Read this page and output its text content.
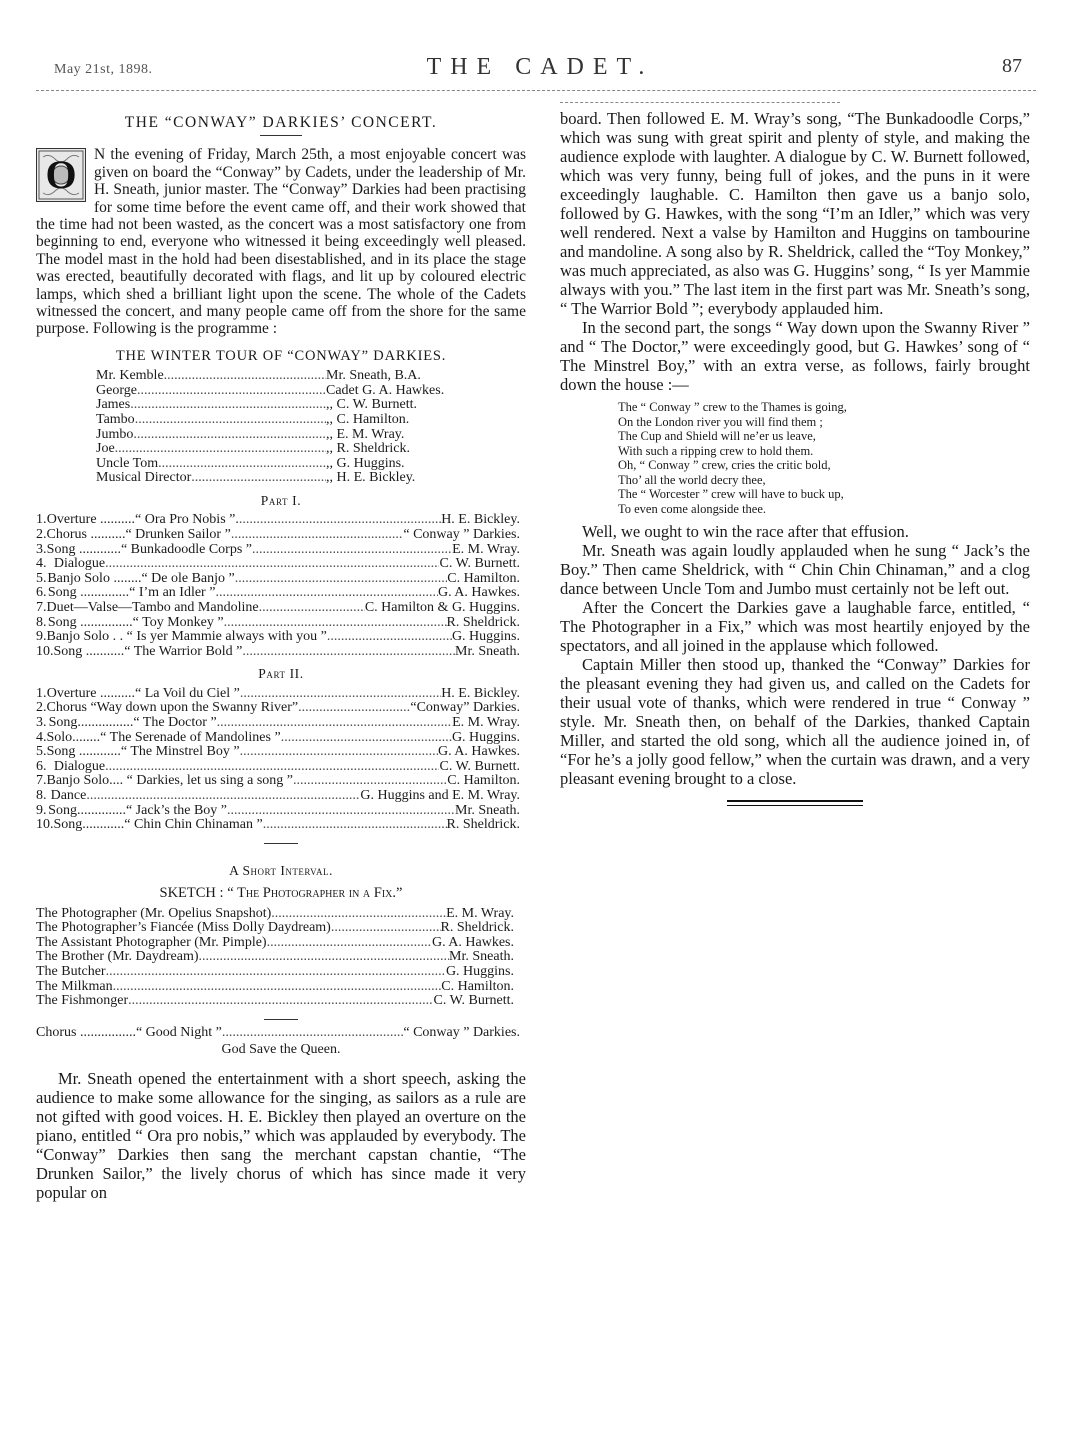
May 21st, 1898.	THE CADET.	87
THE “CONWAY” DARKIES’ CONCERT.
O	N the evening of Friday, March 25th, a most enjoyable concert was given on board the “Conway” by Cadets, under the leadership of Mr. H. Sneath, junior master. The “Conway” Darkies had been practising for some time before the event came off, and their work showed that the time had not been wasted, as the concert was a most satisfactory one from beginning to end, everyone who witnessed it being exceedingly well pleased. The model mast in the hold had been disestablished, and in its place the stage was erected, beautifully decorated with flags, and lit up by coloured electric lamps, which shed a brilliant light upon the scene. The whole of the Cadets witnessed the concert, and many people came off from the shore for the same purpose. Following is the programme :

THE WINTER TOUR OF “CONWAY” DARKIES.
Mr. Kemble .....	Mr. Sneath, B.A.
George .....	Cadet G. A. Hawkes.
James .....	,, C. W. Burnett.
Tambo .....	,, C. Hamilton.
Jumbo .....	,, E. M. Wray.
Joe .....	,, R. Sheldrick.
Uncle Tom .....	,, G. Huggins.
Musical Director .....	,, H. E. Bickley.
Part I.
1. Overture ..........“ Ora Pro Nobis ”. .....	H. E. Bickley.
2. Chorus ..........“ Drunken Sailor ” .....	“ Conway ” Darkies.
3. Song ............“ Bunkadoodle Corps ” .....	E. M. Wray.
4. Dialogue .....	C. W. Burnett.
5. Banjo Solo ........“ De ole Banjo ” .....	C. Hamilton.
6. Song ..............“ I’m an Idler ” .....	G. A. Hawkes.
7. Duet—Valse—Tambo and Mandoline .....	C. Hamilton & G. Huggins.
8. Song ...............“ Toy Monkey ” .....	R. Sheldrick.
9. Banjo Solo . . “ Is yer Mammie always with you ” .....	G. Huggins.
10. Song ...........“ The Warrior Bold ” .....	Mr. Sneath.
Part II.
1. Overture ..........“ La Voil du Ciel ” .....	H. E. Bickley.
2. Chorus “Way down upon the Swanny River” .....	“Conway” Darkies.
3. Song................“ The Doctor ” .....	E. M. Wray.
4. Solo........“ The Serenade of Mandolines ” .....	G. Huggins.
5. Song ............“ The Minstrel Boy ” .....	G. A. Hawkes.
6. Dialogue .....	C. W. Burnett.
7. Banjo Solo.... “ Darkies, let us sing a song ” .....	C. Hamilton.
8. Dance .....	G. Huggins and E. M. Wray.
9. Song..............“ Jack’s the Boy ” .....	Mr. Sneath.
10. Song............“ Chin Chin Chinaman ” .....	R. Sheldrick.
A Short Interval.
SKETCH : “ The Photographer in a Fix.”
The Photographer (Mr. Opelius Snapshot) .....	E. M. Wray.
The Photographer’s Fiancée (Miss Dolly Daydream) .....	R. Sheldrick.
The Assistant Photographer (Mr. Pimple) .....	G. A. Hawkes.
The Brother (Mr. Daydream) .....	Mr. Sneath.
The Butcher .....	G. Huggins.
The Milkman .....	C. Hamilton.
The Fishmonger .....	C. W. Burnett.
Chorus ................“ Good Night ” .....	“ Conway ” Darkies.
God Save the Queen.

Mr. Sneath opened the entertainment with a short speech, asking the audience to make some allowance for the singing, as sailors as a rule are not gifted with good voices. H. E. Bickley then played an overture on the piano, entitled “ Ora pro nobis,” which was applauded by everybody. The “Conway” Darkies then sang the merchant capstan chantie, “The Drunken Sailor,” the lively chorus of which has since made it very popular on

board. Then followed E. M. Wray’s song, “The Bunkadoodle Corps,” which was sung with great spirit and plenty of style, and making the audience explode with laughter. A dialogue by C. W. Burnett followed, which was very funny, being full of jokes, and the puns in it were exceedingly laughable. C. Hamilton then gave us a banjo solo, followed by G. Hawkes, with the song “I’m an Idler,” which was very well rendered. Next a valse by Hamilton and Huggins on tambourine and mandoline. A song also by R. Sheldrick, called the “Toy Monkey,” was much appreciated, as also was G. Huggins’ song, “ Is yer Mammie always with you.” The last item in the first part was Mr. Sneath’s song, “ The Warrior Bold ”; everybody applauded him.

In the second part, the songs “ Way down upon the Swanny River ” and “ The Doctor,” were exceedingly good, but G. Hawkes’ song of “ The Minstrel Boy,” with an extra verse, as follows, fairly brought down the house :—

The “ Conway ” crew to the Thames is going,
On the London river you will find them ;
The Cup and Shield will ne’er us leave,
With such a ripping crew to hold them.
Oh, “ Conway ” crew, cries the critic bold,
Tho’ all the world decry thee,
The “ Worcester ” crew will have to buck up,
To even come alongside thee.

Well, we ought to win the race after that effusion.

Mr. Sneath was again loudly applauded when he sung “ Jack’s the Boy.” Then came Sheldrick, with “ Chin Chin Chinaman,” and a clog dance between Uncle Tom and Jumbo must certainly not be left out.

After the Concert the Darkies gave a laughable farce, entitled, “ The Photographer in a Fix,” which was most heartily enjoyed by the spectators, and all joined in the applause which followed.

Captain Miller then stood up, thanked the “Conway” Darkies for the pleasant evening they had given us, and called on the Cadets for their usual vote of thanks, which were rendered in true “ Conway ” style. Mr. Sneath then, on behalf of the Darkies, thanked Captain Miller, and started the old song, which all the audience joined in, of “For he’s a jolly good fellow,” when the curtain was drawn, and a very pleasant evening brought to a close.
